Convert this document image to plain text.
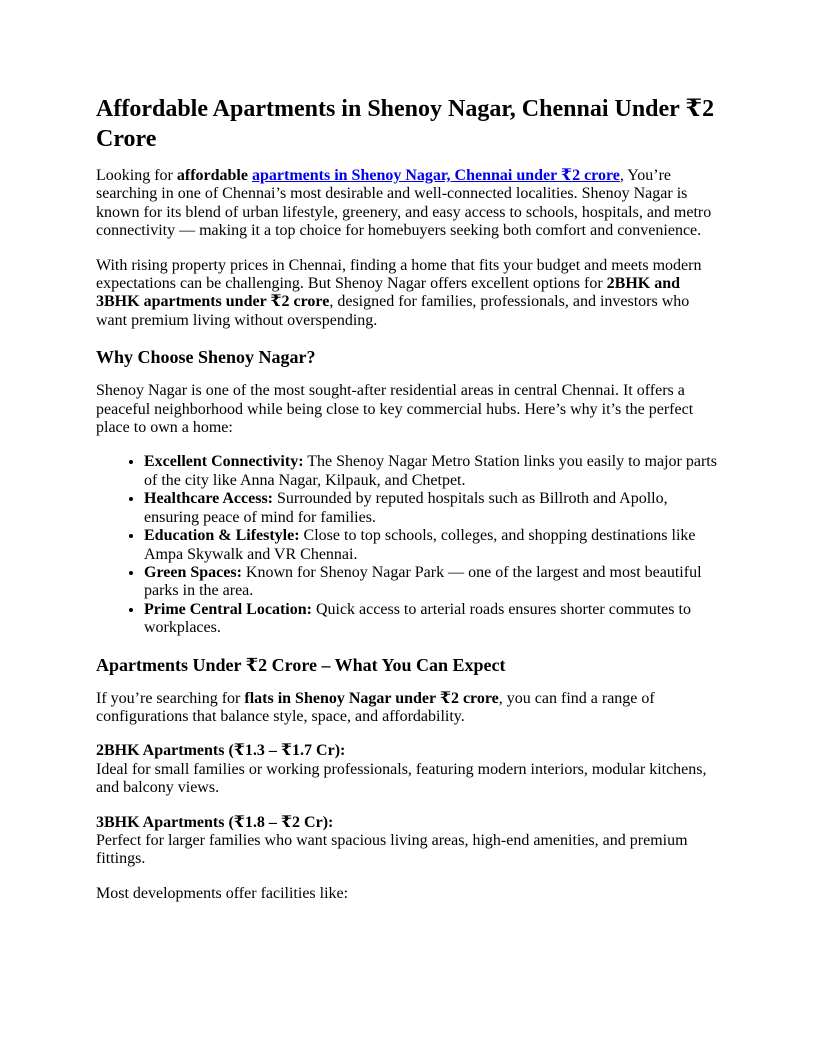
Affordable Apartments in Shenoy Nagar, Chennai Under ₹2 Crore

Looking for affordable apartments in Shenoy Nagar, Chennai under ₹2 crore, You’re searching in one of Chennai’s most desirable and well-connected localities. Shenoy Nagar is known for its blend of urban lifestyle, greenery, and easy access to schools, hospitals, and metro connectivity — making it a top choice for homebuyers seeking both comfort and convenience.

With rising property prices in Chennai, finding a home that fits your budget and meets modern expectations can be challenging. But Shenoy Nagar offers excellent options for 2BHK and 3BHK apartments under ₹2 crore, designed for families, professionals, and investors who want premium living without overspending.

Why Choose Shenoy Nagar?

Shenoy Nagar is one of the most sought-after residential areas in central Chennai. It offers a peaceful neighborhood while being close to key commercial hubs. Here’s why it’s the perfect place to own a home:

• Excellent Connectivity: The Shenoy Nagar Metro Station links you easily to major parts of the city like Anna Nagar, Kilpauk, and Chetpet.
• Healthcare Access: Surrounded by reputed hospitals such as Billroth and Apollo, ensuring peace of mind for families.
• Education & Lifestyle: Close to top schools, colleges, and shopping destinations like Ampa Skywalk and VR Chennai.
• Green Spaces: Known for Shenoy Nagar Park — one of the largest and most beautiful parks in the area.
• Prime Central Location: Quick access to arterial roads ensures shorter commutes to workplaces.
Apartments Under ₹2 Crore – What You Can Expect

If you’re searching for flats in Shenoy Nagar under ₹2 crore, you can find a range of configurations that balance style, space, and affordability.

2BHK Apartments (₹1.3 – ₹1.7 Cr):
Ideal for small families or working professionals, featuring modern interiors, modular kitchens, and balcony views.

3BHK Apartments (₹1.8 – ₹2 Cr):
Perfect for larger families who want spacious living areas, high-end amenities, and premium fittings.

Most developments offer facilities like:
